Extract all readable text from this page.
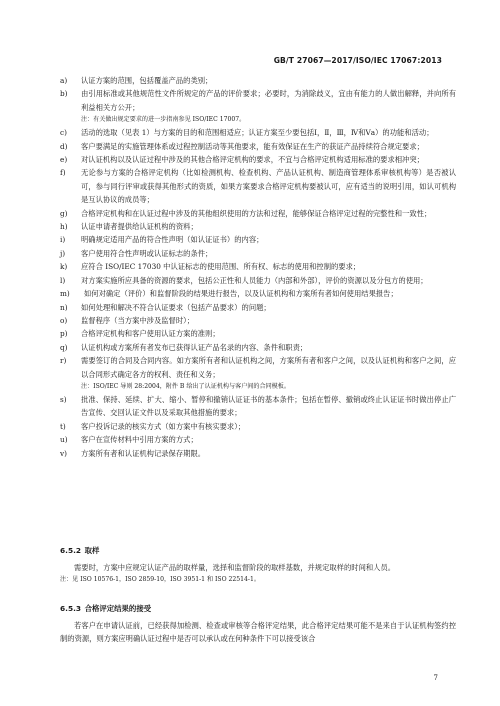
GB/T 27067—2017/ISO/IEC 17067:2013
a)	认证方案的范围，包括覆盖产品的类别；
b)	由引用标准或其他规范性文件所规定的产品的评价要求；必要时，为消除歧义，宜由有能力的人做出解释，并向所有利益相关方公开；
注：有关做出规定要求的进一步指南参见 ISO/IEC 17007。
c)	活动的选取（见表 1）与方案的目的和范围相适应；认证方案至少要包括Ⅰ，Ⅱ，Ⅲ，Ⅳ和Ⅴa）的功能和活动；
d)	客户要满足的实施管理体系或过程控制活动等其他要求，能有效保证在生产的获证产品持续符合规定要求；
e)	对认证机构以及认证过程中涉及的其他合格评定机构的要求，不宜与合格评定机构适用标准的要求相冲突；
f)	无论参与方案的合格评定机构（比如检测机构、检查机构、产品认证机构、制造商管理体系审核机构等）是否被认可，参与同行评审或获得其他形式的资质，如果方案要求合格评定机构要被认可，应有适当的说明引用，如认可机构是互认协议的成员等；
g)	合格评定机构和在认证过程中涉及的其他组织使用的方法和过程，能够保证合格评定过程的完整性和一致性；
h)	认证申请者提供给认证机构的资料；
i)	明确规定适用产品的符合性声明（如认证证书）的内容；
j)	客户使用符合性声明或认证标志的条件；
k)	应符合 ISO/IEC 17030 中认证标志的使用范围、所有权、标志的使用和控制的要求；
l)	对方案实施所应具备的资源的要求，包括公正性和人员能力（内部和外部），评价的资源以及分包方的使用；
m)	如何对确定（评价）和监督阶段的结果进行报告，以及认证机构和方案所有者如何使用结果报告；
n)	如何处理和解决不符合认证要求（包括产品要求）的问题；
o)	监督程序（当方案中涉及监督时）；
p)	合格评定机构和客户使用认证方案的准则；
q)	认证机构或方案所有者发布已获得认证产品名录的内容、条件和职责；
r)	需要签订的合同及合同内容。如方案所有者和认证机构之间，方案所有者和客户之间，以及认证机构和客户之间，应以合同形式确定各方的权利、责任和义务；
注：ISO/IEC 导则 28:2004，附件 B 给出了认证机构与客户间的合同模板。
s)	批准、保持、延续、扩大、缩小、暂停和撤销认证证书的基本条件；包括在暂停、撤销或终止认证证书时做出停止广告宣传、交回认证文件以及采取其他措施的要求；
t)	客户投诉记录的核实方式（如方案中有核实要求）；
u)	客户在宣传材料中引用方案的方式；
v)	方案所有者和认证机构记录保存期限。
6.5.2 取样
需要时，方案中应规定认证产品的取样量，选择和监督阶段的取样基数，并规定取样的时间和人员。
注：见 ISO 10576-1，ISO 2859-10，ISO 3951-1 和 ISO 22514-1。
6.5.3 合格评定结果的接受
若客户在申请认证前，已经获得加检测、检查或审核等合格评定结果，此合格评定结果可能不是来自于认证机构签约控制的资源，则方案应明确认证过程中是否可以承认或在何种条件下可以接受该合
7
